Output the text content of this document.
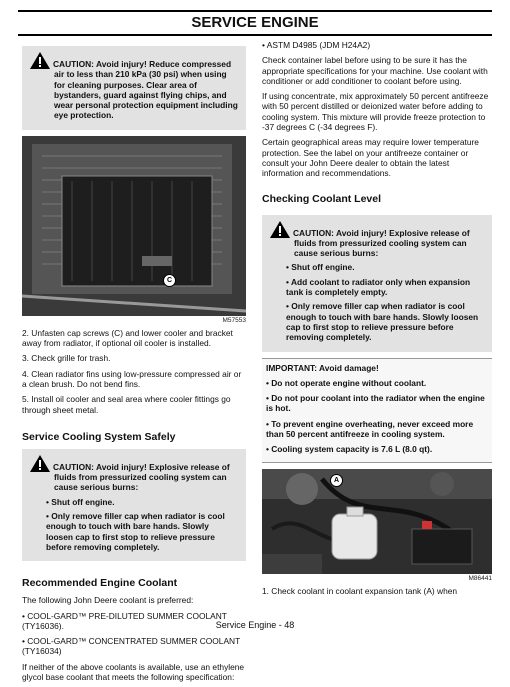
SERVICE ENGINE

CAUTION: Avoid injury! Reduce compressed air to less than 210 kPa (30 psi) when using for cleaning purposes. Clear area of bystanders, guard against flying chips, and wear personal protection equipment including eye protection.

C
M57553

2. Unfasten cap screws (C) and lower cooler and bracket away from radiator, if optional oil cooler is installed.

3. Check grille for trash.

4. Clean radiator fins using low-pressure compressed air or a clean brush. Do not bend fins.

5. Install oil cooler and seal area where cooler fittings go through sheet metal.

Service Cooling System Safely

CAUTION: Avoid injury! Explosive release of fluids from pressurized cooling system can cause serious burns:

• Shut off engine.

• Only remove filler cap when radiator is cool enough to touch with bare hands. Slowly loosen cap to first stop to relieve pressure before removing completely.

Recommended Engine Coolant

The following John Deere coolant is preferred:

• COOL-GARD™ PRE-DILUTED SUMMER COOLANT (TY16036).

• COOL-GARD™ CONCENTRATED SUMMER COOLANT (TY16034)

If neither of the above coolants is available, use an ethylene glycol base coolant that meets the following specification:

• ASTM D4985 (JDM H24A2)

Check container label before using to be sure it has the appropriate specifications for your machine. Use coolant with conditioner or add conditioner to coolant before using.

If using concentrate, mix approximately 50 percent antifreeze with 50 percent distilled or deionized water before adding to cooling system. This mixture will provide freeze protection to -37 degrees C (-34 degrees F).

Certain geographical areas may require lower temperature protection. See the label on your antifreeze container or consult your John Deere dealer to obtain the latest information and recommendations.

Checking Coolant Level

CAUTION: Avoid injury! Explosive release of fluids from pressurized cooling system can cause serious burns:

• Shut off engine.

• Add coolant to radiator only when expansion tank is completely empty.

• Only remove filler cap when radiator is cool enough to touch with bare hands. Slowly loosen cap to first stop to relieve pressure before removing completely.

IMPORTANT: Avoid damage!

• Do not operate engine without coolant.

• Do not pour coolant into the radiator when the engine is hot.

• To prevent engine overheating, never exceed more than 50 percent antifreeze in cooling system.

• Cooling system capacity is 7.6 L (8.0 qt).

A
M86441

1. Check coolant in coolant expansion tank (A) when

Service Engine - 48
